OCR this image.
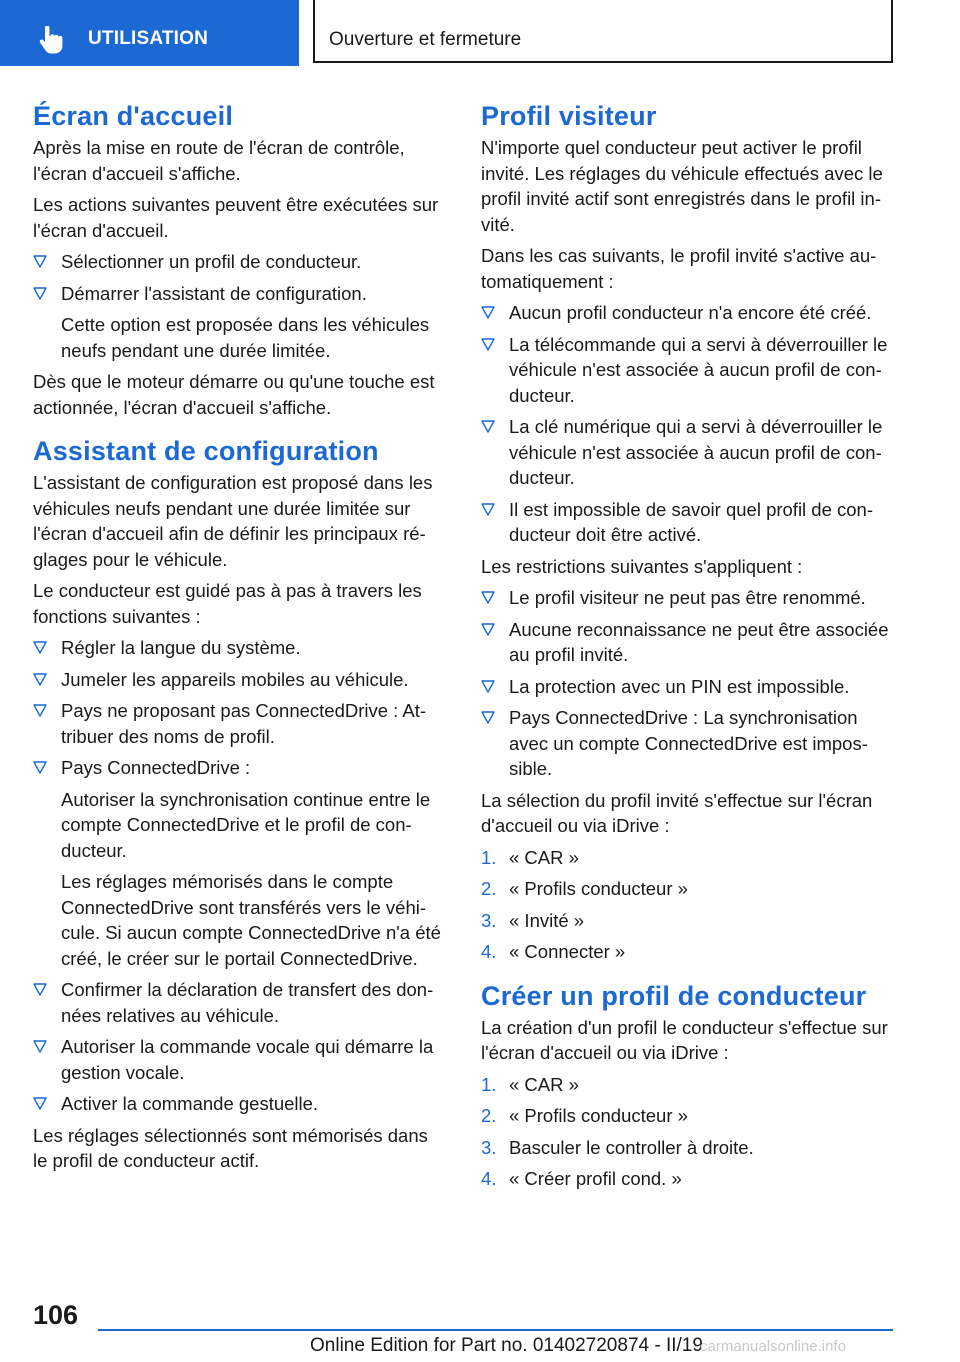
UTILISATION	Ouverture et fermeture
Écran d'accueil

Après la mise en route de l'écran de contrôle, l'écran d'accueil s'affiche.

Les actions suivantes peuvent être exécutées sur l'écran d'accueil.

Sélectionner un profil de conducteur.
Démarrer l'assistant de configuration.

Cette option est proposée dans les véhicules neufs pendant une durée limitée.

Dès que le moteur démarre ou qu'une touche est actionnée, l'écran d'accueil s'affiche.

Assistant de configuration

L'assistant de configuration est proposé dans les véhicules neufs pendant une durée limitée sur l'écran d'accueil afin de définir les principaux réglages pour le véhicule.

Le conducteur est guidé pas à pas à travers les fonctions suivantes :

Régler la langue du système.
Jumeler les appareils mobiles au véhicule.
Pays ne proposant pas ConnectedDrive : Attribuer des noms de profil.
Pays ConnectedDrive :

Autoriser la synchronisation continue entre le compte ConnectedDrive et le profil de conducteur.

Les réglages mémorisés dans le compte ConnectedDrive sont transférés vers le véhicule. Si aucun compte ConnectedDrive n'a été créé, le créer sur le portail ConnectedDrive.

Confirmer la déclaration de transfert des données relatives au véhicule.
Autoriser la commande vocale qui démarre la gestion vocale.
Activer la commande gestuelle.

Les réglages sélectionnés sont mémorisés dans le profil de conducteur actif.

Profil visiteur

N'importe quel conducteur peut activer le profil invité. Les réglages du véhicule effectués avec le profil invité actif sont enregistrés dans le profil invité.

Dans les cas suivants, le profil invité s'active automatiquement :

Aucun profil conducteur n'a encore été créé.
La télécommande qui a servi à déverrouiller le véhicule n'est associée à aucun profil de conducteur.
La clé numérique qui a servi à déverrouiller le véhicule n'est associée à aucun profil de conducteur.
Il est impossible de savoir quel profil de conducteur doit être activé.

Les restrictions suivantes s'appliquent :

Le profil visiteur ne peut pas être renommé.
Aucune reconnaissance ne peut être associée au profil invité.
La protection avec un PIN est impossible.
Pays ConnectedDrive : La synchronisation avec un compte ConnectedDrive est impossible.

La sélection du profil invité s'effectue sur l'écran d'accueil ou via iDrive :

1. « CAR »
2. « Profils conducteur »
3. « Invité »
4. « Connecter »
Créer un profil de conducteur

La création d'un profil le conducteur s'effectue sur l'écran d'accueil ou via iDrive :

1. « CAR »
2. « Profils conducteur »
3. Basculer le controller à droite.
4. « Créer profil cond. »
106
Online Edition for Part no. 01402720874 - II/19
carmanualsonline.info
